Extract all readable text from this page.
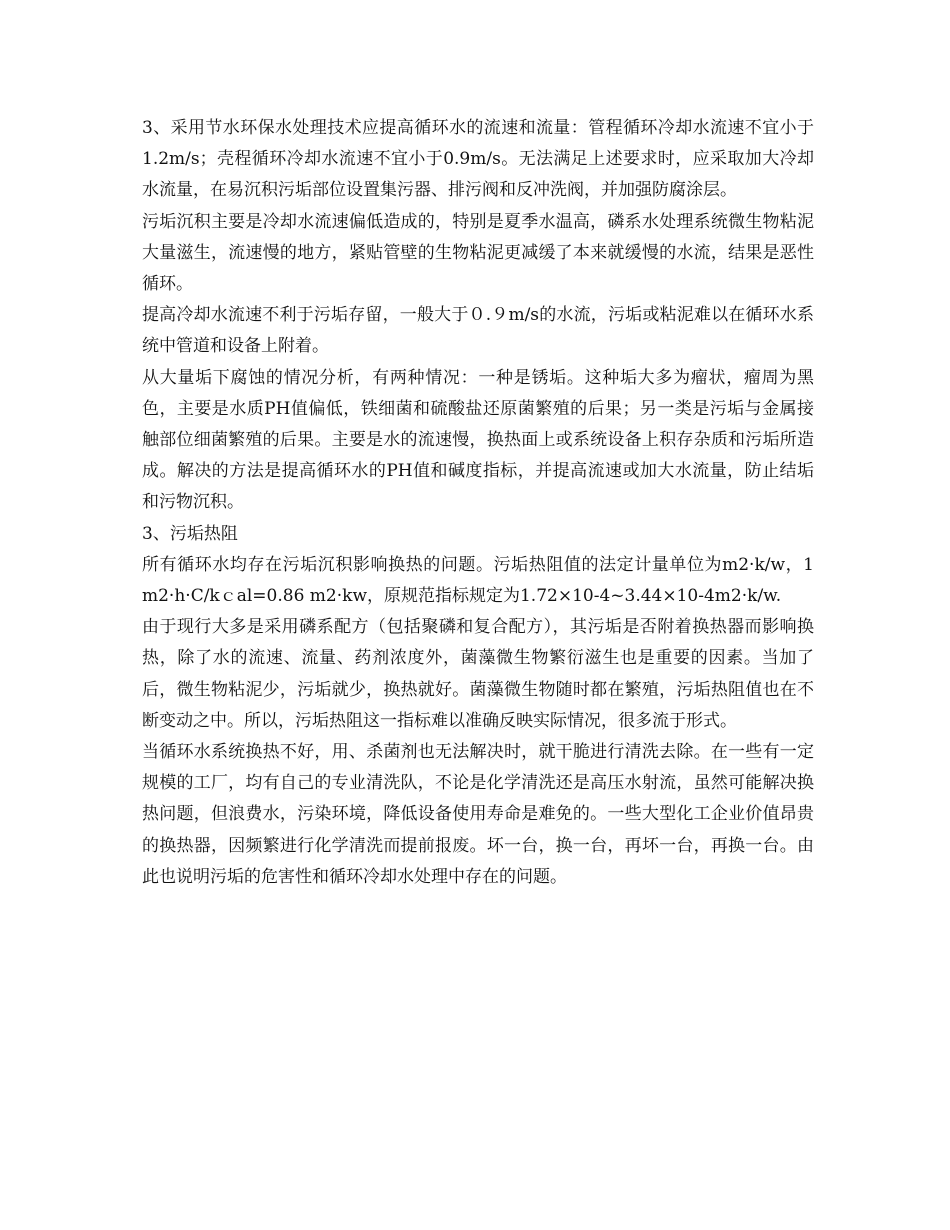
3、采用节水环保水处理技术应提高循环水的流速和流量：管程循环冷却水流速不宜小于1.2m/s；壳程循环冷却水流速不宜小于0.9m/s。无法满足上述要求时，应采取加大冷却水流量，在易沉积污垢部位设置集污器、排污阀和反冲洗阀，并加强防腐涂层。

污垢沉积主要是冷却水流速偏低造成的，特别是夏季水温高，磷系水处理系统微生物粘泥大量滋生，流速慢的地方，紧贴管壁的生物粘泥更减缓了本来就缓慢的水流，结果是恶性循环。

提高冷却水流速不利于污垢存留，一般大于０.９m/s的水流，污垢或粘泥难以在循环水系统中管道和设备上附着。

从大量垢下腐蚀的情况分析，有两种情况：一种是锈垢。这种垢大多为瘤状，瘤周为黑色，主要是水质PH值偏低，铁细菌和硫酸盐还原菌繁殖的后果；另一类是污垢与金属接触部位细菌繁殖的后果。主要是水的流速慢，换热面上或系统设备上积存杂质和污垢所造成。解决的方法是提高循环水的PH值和碱度指标，并提高流速或加大水流量，防止结垢和污物沉积。

3、污垢热阻

所有循环水均存在污垢沉积影响换热的问题。污垢热阻值的法定计量单位为m2·k/w，1 m2·h·C/kｃal=0.86 m2·kw，原规范指标规定为1.72×10-4~3.44×10-4m2·k/w.

由于现行大多是采用磷系配方（包括聚磷和复合配方），其污垢是否附着换热器而影响换热，除了水的流速、流量、药剂浓度外，菌藻微生物繁衍滋生也是重要的因素。当加了后，微生物粘泥少，污垢就少，换热就好。菌藻微生物随时都在繁殖，污垢热阻值也在不断变动之中。所以，污垢热阻这一指标难以准确反映实际情况，很多流于形式。

当循环水系统换热不好，用、杀菌剂也无法解决时，就干脆进行清洗去除。在一些有一定规模的工厂，均有自己的专业清洗队，不论是化学清洗还是高压水射流，虽然可能解决换热问题，但浪费水，污染环境，降低设备使用寿命是难免的。一些大型化工企业价值昂贵的换热器，因频繁进行化学清洗而提前报废。坏一台，换一台，再坏一台，再换一台。由此也说明污垢的危害性和循环冷却水处理中存在的问题。
